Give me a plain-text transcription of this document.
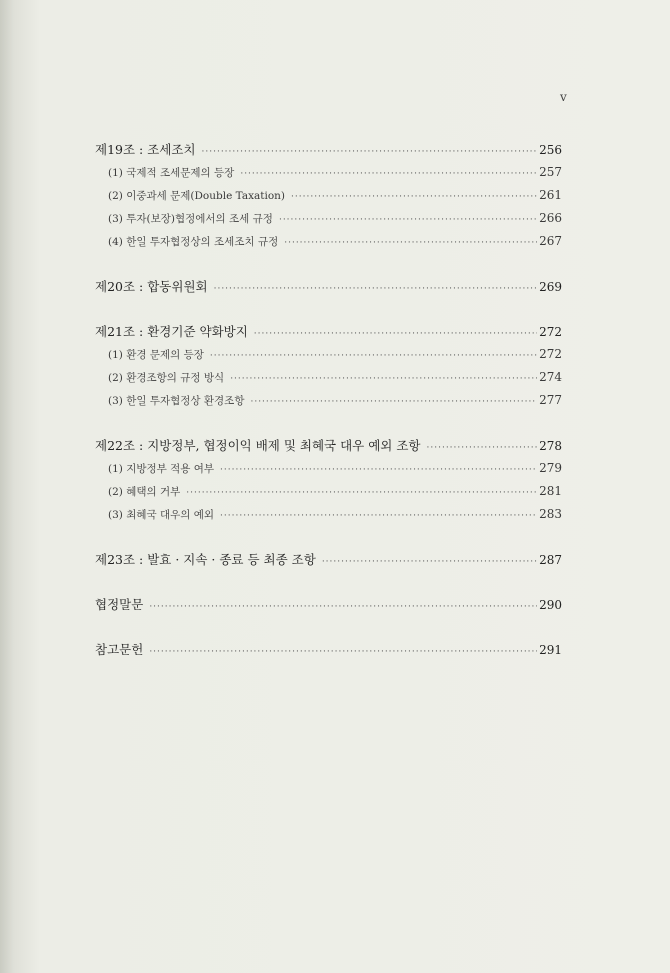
v
제19조 : 조세조치 ·····	256
(1) 국제적 조세문제의 등장 ·····	257
(2) 이중과세 문제(Double Taxation) ·····	261
(3) 투자(보장)협정에서의 조세 규정 ·····	266
(4) 한일 투자협정상의 조세조치 규정 ·····	267
제20조 : 합동위원회 ·····	269
제21조 : 환경기준 약화방지 ·····	272
(1) 환경 문제의 등장 ·····	272
(2) 환경조항의 규정 방식 ·····	274
(3) 한일 투자협정상 환경조항 ·····	277
제22조 : 지방정부, 협정이익 배제 및 최혜국 대우 예외 조항 ·····	278
(1) 지방정부 적용 여부 ·····	279
(2) 혜택의 거부 ·····	281
(3) 최혜국 대우의 예외 ·····	283
제23조 : 발효 · 지속 · 종료 등 최종 조항 ·····	287
협정말문 ·····	290
참고문헌 ·····	291
